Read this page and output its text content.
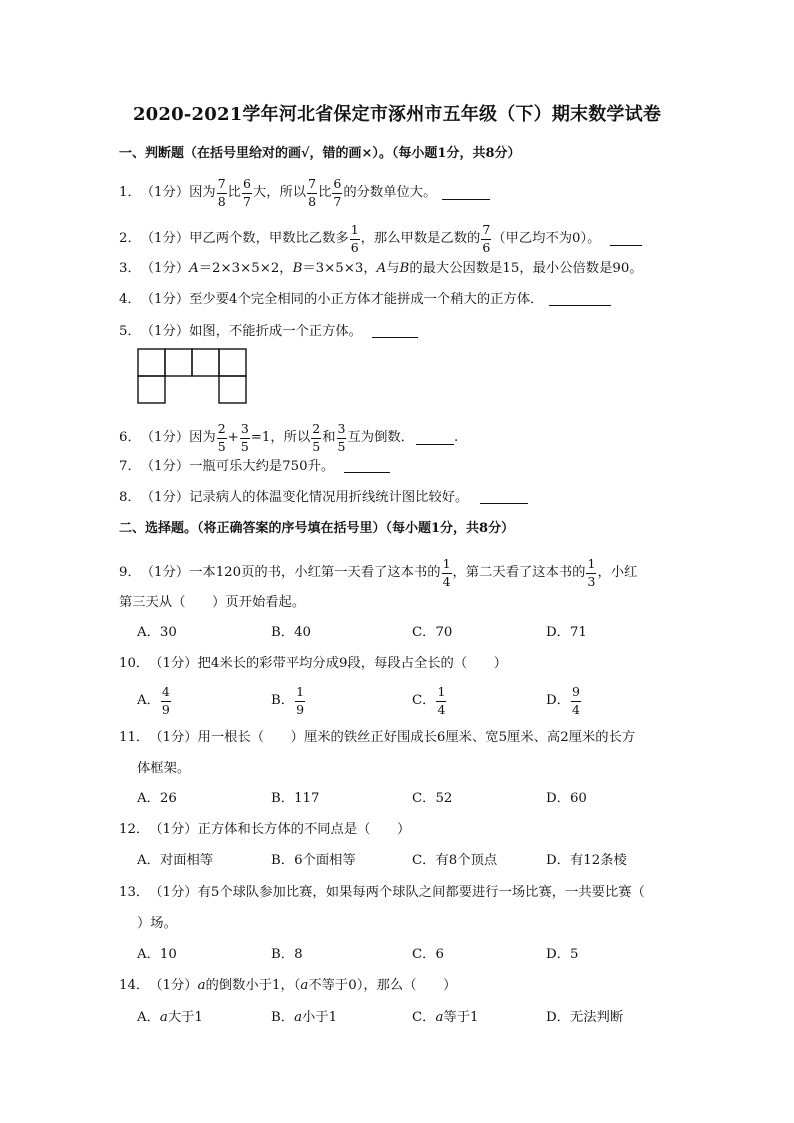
2020-2021学年河北省保定市涿州市五年级（下）期末数学试卷
一、判断题（在括号里给对的画√，错的画×）。（每小题1分，共8分）
1． （1分） 因为 $\frac{7}{8}$ 比 $\frac{6}{7}$ 大，所以 $\frac{7}{8}$ 比 $\frac{6}{7}$ 的分数单位大。
2． （1分） 甲乙两个数，甲数比乙数多 $\frac{1}{6}$ ，那么甲数是乙数的 $\frac{7}{6}$ （甲乙均不为0）。
3． （1分） A ＝2×3×5×2， B ＝3×5×3， A 与 B 的最大公因数是15，最小公倍数是90。
4． （1分） 至少要4个完全相同的小正方体才能拼成一个稍大的正方体．
5． （1分） 如图，不能折成一个正方体。
6． （1分） 因为 $\frac{2}{5} + \frac{3}{5} =1$，所以 $\frac{2}{5}$ 和 $\frac{3}{5}$ 互为倒数．	.
7． （1分） 一瓶可乐大约是750升。
8． （1分） 记录病人的体温变化情况用折线统计图比较好。
二、选择题。（将正确答案的序号填在括号里）（每小题1分，共8分）
9． （1分） 一本120页的书，小红第一天看了这本书的 $\frac{1}{4}$ ，第二天看了这本书的 $\frac{1}{3}$ ，小红
第三天从（　　）页开始看起。
A．30	B．40	C．70	D．71
10． （1分） 把4米长的彩带平均分成9段，每段占全长的（　　）
A． $\frac{4}{9}$	B． $\frac{1}{9}$	C． $\frac{1}{4}$	D． $\frac{9}{4}$
11． （1分） 用一根长（　　）厘米的铁丝正好围成长6厘米、宽5厘米、高2厘米的长方
体框架。
A．26	B．117	C．52	D．60
12． （1分） 正方体和长方体的不同点是（　　）
A．对面相等	B．6个面相等	C．有8个顶点	D．有12条棱
13． （1分） 有5个球队参加比赛，如果每两个球队之间都要进行一场比赛，一共要比赛（
）场。
A．10	B．8	C．6	D．5
14． （1分） a 的倒数小于1，（ a 不等于0），那么（　　）
A． a 大于1	B． a 小于1	C． a 等于1	D． 无法判断
